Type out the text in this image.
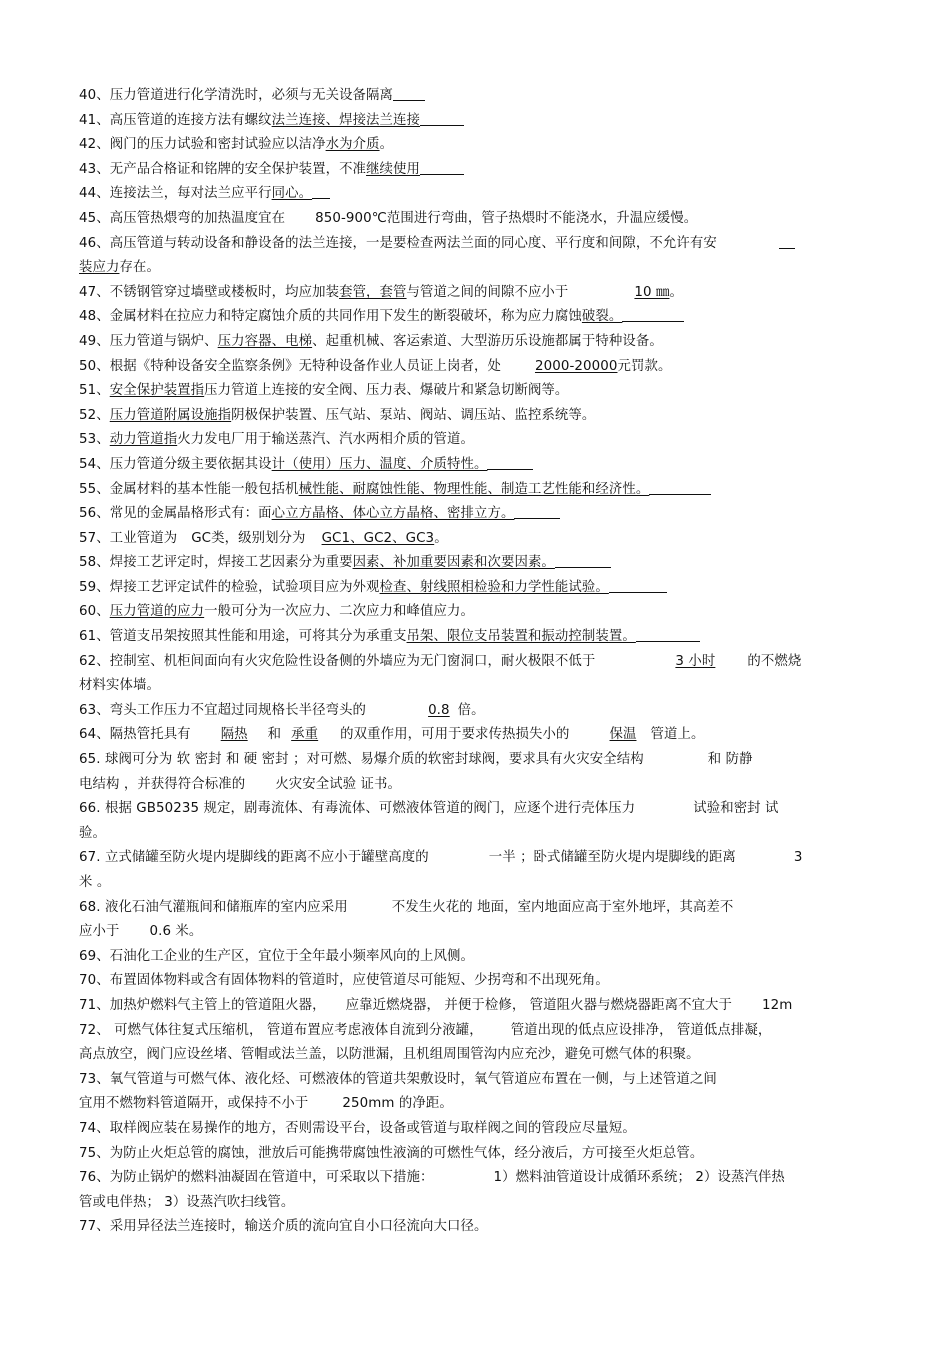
40、压力管道进行化学清洗时，必须与无关设备隔离
41、高压管道的连接方法有螺纹法兰连接、焊接法兰连接
42、阀门的压力试验和密封试验应以洁净水为介质。
43、无产品合格证和铭牌的安全保护装置，不准继续使用
44、连接法兰，每对法兰应平行同心。
45、高压管热煨弯的加热温度宜在 850-900℃范围进行弯曲，管子热煨时不能浇水，升温应缓慢。
46、高压管道与转动设备和静设备的法兰连接，一是要检查两法兰面的同心度、平行度和间隙，不允许有安
装应力存在。
47、不锈钢管穿过墙壁或楼板时，均应加装套管，套管与管道之间的间隙不应小于	10 ㎜。
48、金属材料在拉应力和特定腐蚀介质的共同作用下发生的断裂破坏，称为应力腐蚀破裂。
49、压力管道与锅炉、压力容器、电梯、起重机械、客运索道、大型游历乐设施都属于特种设备。
50、根据《特种设备安全监察条例》无特种设备作业人员证上岗者，处	2000-20000元罚款。
51、安全保护装置指压力管道上连接的安全阀、压力表、爆破片和紧急切断阀等。
52、压力管道附属设施指阴极保护装置、压气站、泵站、阀站、调压站、监控系统等。
53、动力管道指火力发电厂用于输送蒸汽、汽水两相介质的管道。
54、压力管道分级主要依据其设计（使用）压力、温度、介质特性。
55、金属材料的基本性能一般包括机械性能、耐腐蚀性能、物理性能、制造工艺性能和经济性。
56、常见的金属晶格形式有：面心立方晶格、体心立方晶格、密排立方。
57、工业管道为 GC类，级别划分为 GC1、GC2、GC3。
58、焊接工艺评定时，焊接工艺因素分为重要因素、补加重要因素和次要因素。
59、焊接工艺评定试件的检验，试验项目应为外观检查、射线照相检验和力学性能试验。
60、压力管道的应力一般可分为一次应力、二次应力和峰值应力。
61、管道支吊架按照其性能和用途，可将其分为承重支吊架、限位支吊装置和振动控制装置。
62、控制室、机柜间面向有火灾危险性设备侧的外墙应为无门窗洞口，耐火极限不低于	3 小时 的不燃烧
材料实体墙。
63、弯头工作压力不宜超过同规格长半径弯头的	0.8 倍。
64、隔热管托具有 隔热 和 承重 的双重作用，可用于要求传热损失小的	保温 管道上。
65. 球阀可分为 软 密封 和 硬 密封 ；对可燃、易爆介质的软密封球阀，要求具有火灾安全结构	和 防静
电结构 ，并获得符合标准的 火灾安全试验 证书。
66. 根据 GB50235 规定，剧毒流体、有毒流体、可燃液体管道的阀门，应逐个进行壳体压力	试验和密封 试
验。
67. 立式储罐至防火堤内堤脚线的距离不应小于罐壁高度的	一半 ；卧式储罐至防火堤内堤脚线的距离	3
米 。
68. 液化石油气灌瓶间和储瓶库的室内应采用	不发生火花的 地面，室内地面应高于室外地坪，其高差不
应小于 0.6 米。
69、石油化工企业的生产区，宜位于全年最小频率风向的上风侧。
70、布置固体物料或含有固体物料的管道时，应使管道尽可能短、少拐弯和不出现死角。
71、加热炉燃料气主管上的管道阻火器， 应靠近燃烧器， 并便于检修， 管道阻火器与燃烧器距离不宜大于 12m
72、 可燃气体往复式压缩机， 管道布置应考虑液体自流到分液罐， 管道出现的低点应设排净， 管道低点排凝，
高点放空，阀门应设丝堵、管帽或法兰盖，以防泄漏，且机组周围管沟内应充沙，避免可燃气体的积聚。
73、氧气管道与可燃气体、液化烃、可燃液体的管道共架敷设时，氧气管道应布置在一侧，与上述管道之间
宜用不燃物料管道隔开，或保持不小于	250mm 的净距。
74、取样阀应装在易操作的地方，否则需设平台，设备或管道与取样阀之间的管段应尽量短。
75、为防止火炬总管的腐蚀，泄放后可能携带腐蚀性液滴的可燃性气体，经分液后，方可接至火炬总管。
76、为防止锅炉的燃料油凝固在管道中，可采取以下措施：	1）燃料油管道设计成循环系统； 2）设蒸汽伴热
管或电伴热； 3）设蒸汽吹扫线管。
77、采用异径法兰连接时，输送介质的流向宜自小口径流向大口径。
